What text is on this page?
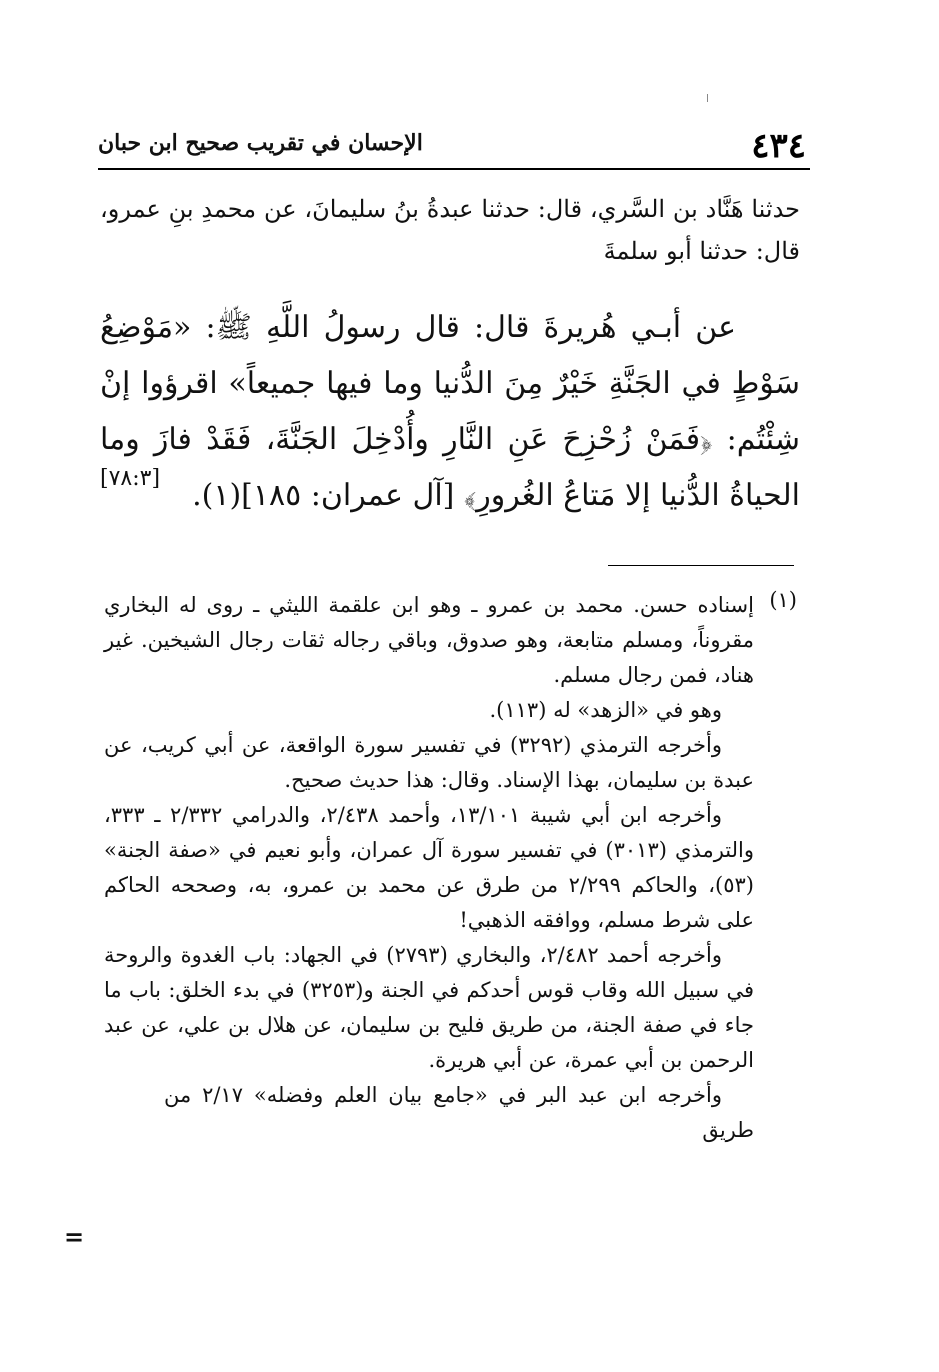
٤٣٤
الإحسان في تقريب صحيح ابن حبان

حدثنا هَنَّاد بن السَّري، قال: حدثنا عبدةُ بنُ سليمانَ، عن محمدِ بنِ عمرو، قال: حدثنا أبو سلمةَ

عن أبـي هُريرةَ قال: قال رسولُ اللَّهِ ﷺ: «مَوْضِعُ سَوْطٍ في الجَنَّةِ خَيْرٌ مِنَ الدُّنيا وما فيها جميعاً» اقرؤوا إنْ شِئْتُم: ﴿فَمَنْ زُحْزِحَ عَنِ النَّارِ وأُدْخِلَ الجَنَّةَ، فَقَدْ فازَ وما الحياةُ الدُّنيا إلا مَتاعُ الغُرورِ﴾ [آل عمران: ١٨٥](١).

[٧٨:٣]
(١)

إسناده حسن. محمد بن عمرو ـ وهو ابن علقمة الليثي ـ روى له البخاري مقروناً، ومسلم متابعة، وهو صدوق، وباقي رجاله ثقات رجال الشيخين. غير هناد، فمن رجال مسلم.

وهو في «الزهد» له (١١٣).

وأخرجه الترمذي (٣٢٩٢) في تفسير سورة الواقعة، عن أبي كريب، عن عبدة بن سليمان، بهذا الإسناد. وقال: هذا حديث صحيح.

وأخرجه ابن أبي شيبة ١٣/١٠١، وأحمد ٢/٤٣٨، والدرامي ٢/٣٣٢ ـ ٣٣٣، والترمذي (٣٠١٣) في تفسير سورة آل عمران، وأبو نعيم في «صفة الجنة» (٥٣)، والحاكم ٢/٢٩٩ من طرق عن محمد بن عمرو، به، وصححه الحاكم على شرط مسلم، ووافقه الذهبي!

وأخرجه أحمد ٢/٤٨٢، والبخاري (٢٧٩٣) في الجهاد: باب الغدوة والروحة في سبيل الله وقاب قوس أحدكم في الجنة و(٣٢٥٣) في بدء الخلق: باب ما جاء في صفة الجنة، من طريق فليح بن سليمان، عن هلال بن علي، عن عبد الرحمن بن أبي عمرة، عن أبي هريرة.

وأخرجه ابن عبد البر في «جامع بيان العلم وفضله» ٢/١٧ من طريق

=
